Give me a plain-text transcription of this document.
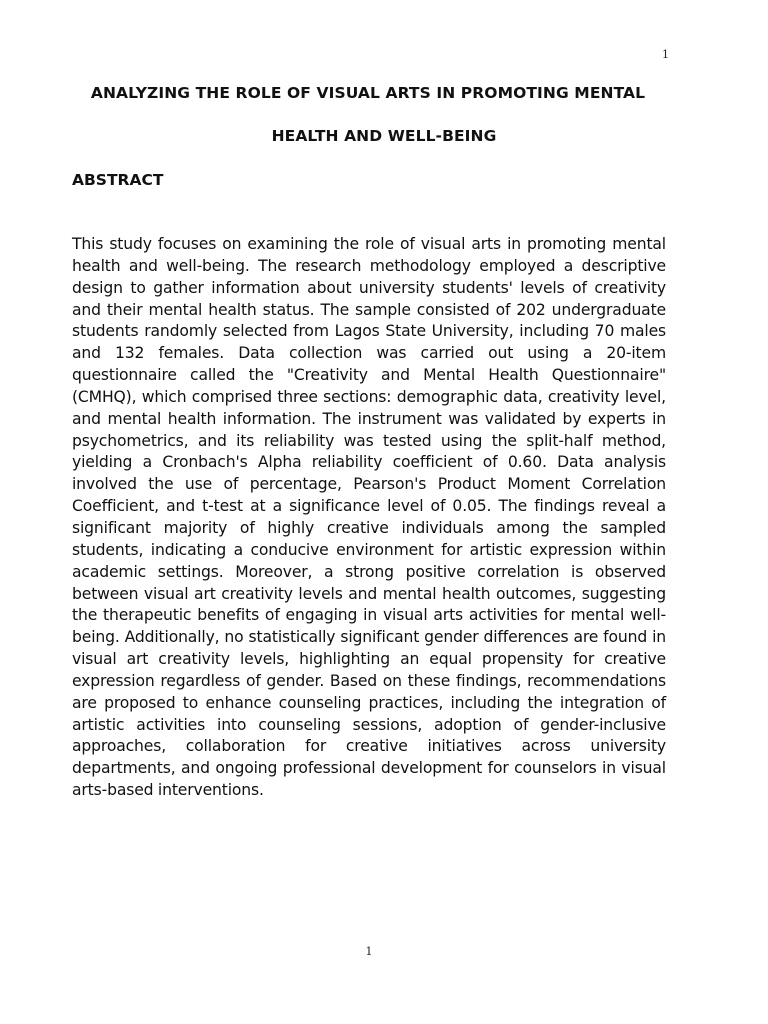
1
ANALYZING THE ROLE OF VISUAL ARTS IN PROMOTING MENTAL
HEALTH AND WELL-BEING
ABSTRACT

This study focuses on examining the role of visual arts in promoting mental health and well-being. The research methodology employed a descriptive design to gather information about university students' levels of creativity and their mental health status. The sample consisted of 202 undergraduate students randomly selected from Lagos State University, including 70 males and 132 females. Data collection was carried out using a 20-item questionnaire called the "Creativity and Mental Health Questionnaire" (CMHQ), which comprised three sections: demographic data, creativity level, and mental health information. The instrument was validated by experts in psychometrics, and its reliability was tested using the split-half method, yielding a Cronbach's Alpha reliability coefficient of 0.60. Data analysis involved the use of percentage, Pearson's Product Moment Correlation Coefficient, and t-test at a significance level of 0.05. The findings reveal a significant majority of highly creative individuals among the sampled students, indicating a conducive environment for artistic expression within academic settings. Moreover, a strong positive correlation is observed between visual art creativity levels and mental health outcomes, suggesting the therapeutic benefits of engaging in visual arts activities for mental well-being. Additionally, no statistically significant gender differences are found in visual art creativity levels, highlighting an equal propensity for creative expression regardless of gender. Based on these findings, recommendations are proposed to enhance counseling practices, including the integration of artistic activities into counseling sessions, adoption of gender-inclusive approaches, collaboration for creative initiatives across university departments, and ongoing professional development for counselors in visual arts-based interventions.

1
